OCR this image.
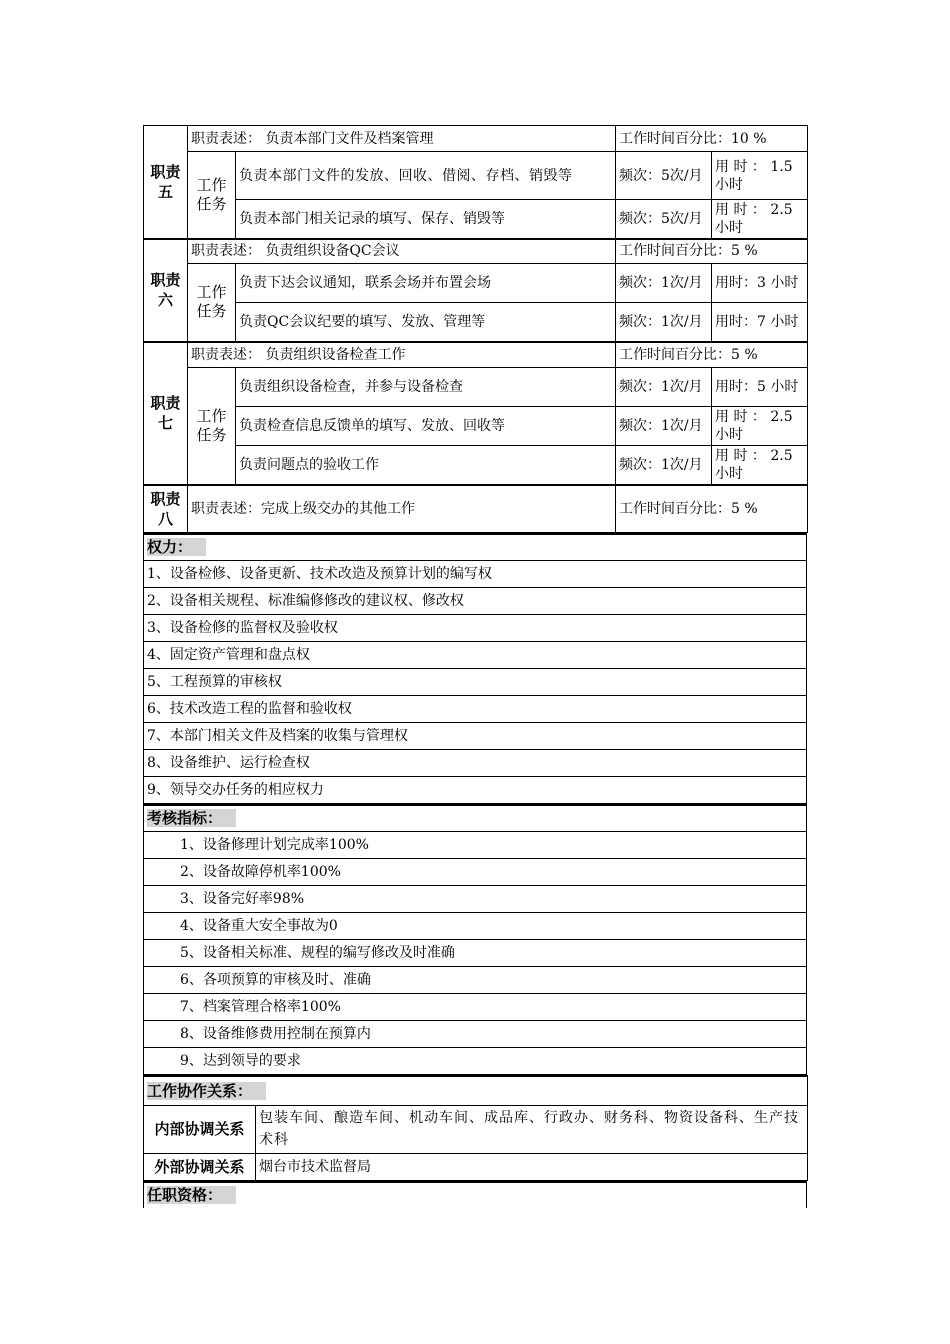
职责五	职责表述： 负责本部门文件及档案管理		工作时间百分比：10 %	
	工作任务	负责本部门文件的发放、回收、借阅、存档、销毁等	频次：5次/月	用 时 ： 1.5 小时
		负责本部门相关记录的填写、保存、销毁等	频次：5次/月	用 时 ： 2.5 小时
职责六	职责表述： 负责组织设备QC会议		工作时间百分比：5 %	
	工作任务	负责下达会议通知，联系会场并布置会场	频次：1次/月	用时：3 小时
		负责QC会议纪要的填写、发放、管理等	频次：1次/月	用时：7 小时
职责七	职责表述： 负责组织设备检查工作		工作时间百分比：5 %	
	工作任务	负责组织设备检查，并参与设备检查	频次：1次/月	用时：5 小时
		负责检查信息反馈单的填写、发放、回收等	频次：1次/月	用 时 ： 2.5 小时
		负责问题点的验收工作	频次：1次/月	用 时 ： 2.5 小时
职责八	职责表述：完成上级交办的其他工作		工作时间百分比：5 %	
权力：
1、设备检修、设备更新、技术改造及预算计划的编写权
2、设备相关规程、标准编修修改的建议权、修改权
3、设备检修的监督权及验收权
4、固定资产管理和盘点权
5、工程预算的审核权
6、技术改造工程的监督和验收权
7、本部门相关文件及档案的收集与管理权
8、设备维护、运行检查权
9、领导交办任务的相应权力
考核指标：
1、设备修理计划完成率100%
2、设备故障停机率100%
3、设备完好率98%
4、设备重大安全事故为0
5、设备相关标准、规程的编写修改及时准确
6、各项预算的审核及时、准确
7、档案管理合格率100%
8、设备维修费用控制在预算内
9、达到领导的要求
工作协作关系：	
内部协调关系	包装车间、酿造车间、机动车间、成品库、行政办、财务科、物资设备科、生产技术科
外部协调关系	烟台市技术监督局
任职资格：
